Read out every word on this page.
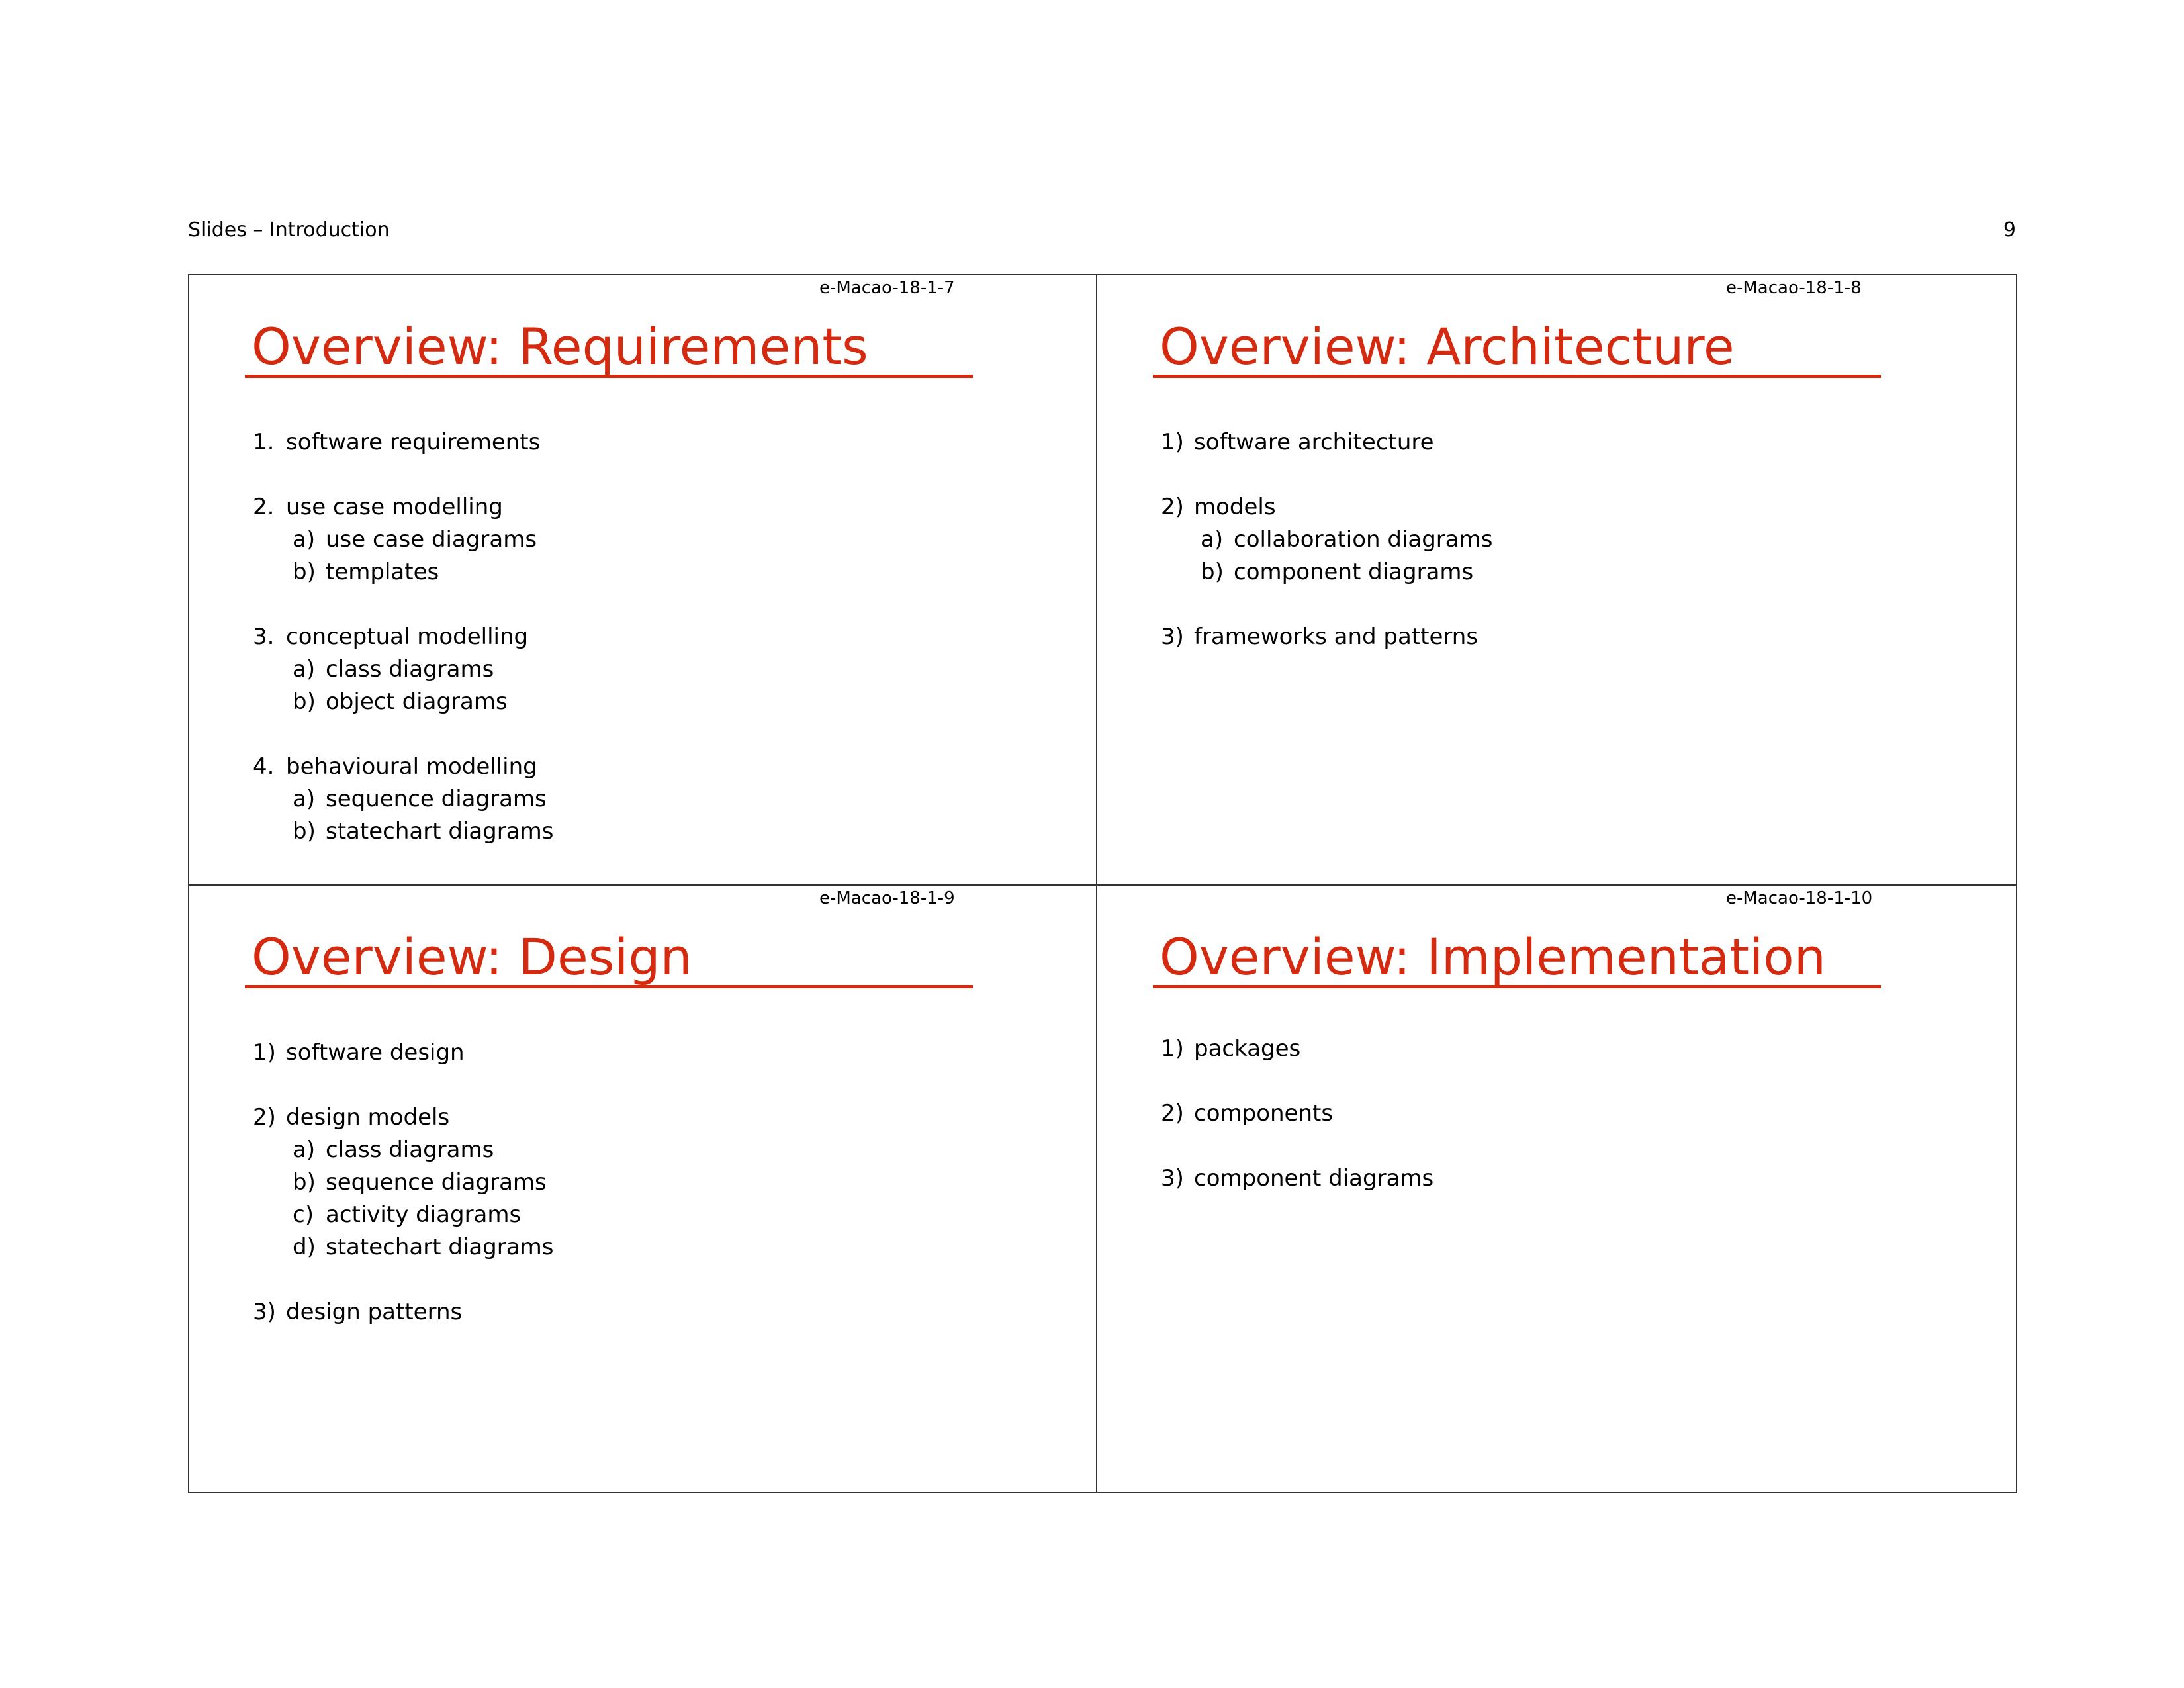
Slides – Introduction	9
e-Macao-18-1-7
Overview: Requirements
1. software requirements
2. use case modelling
a) use case diagrams
b) templates
3. conceptual modelling
a) class diagrams
b) object diagrams
4. behavioural modelling
a) sequence diagrams
b) statechart diagrams
e-Macao-18-1-8
Overview: Architecture
1) software architecture
2) models
a) collaboration diagrams
b) component diagrams
3) frameworks and patterns
e-Macao-18-1-9
Overview: Design
1) software design
2) design models
a) class diagrams
b) sequence diagrams
c) activity diagrams
d) statechart diagrams
3) design patterns
e-Macao-18-1-10
Overview: Implementation
1) packages
2) components
3) component diagrams
